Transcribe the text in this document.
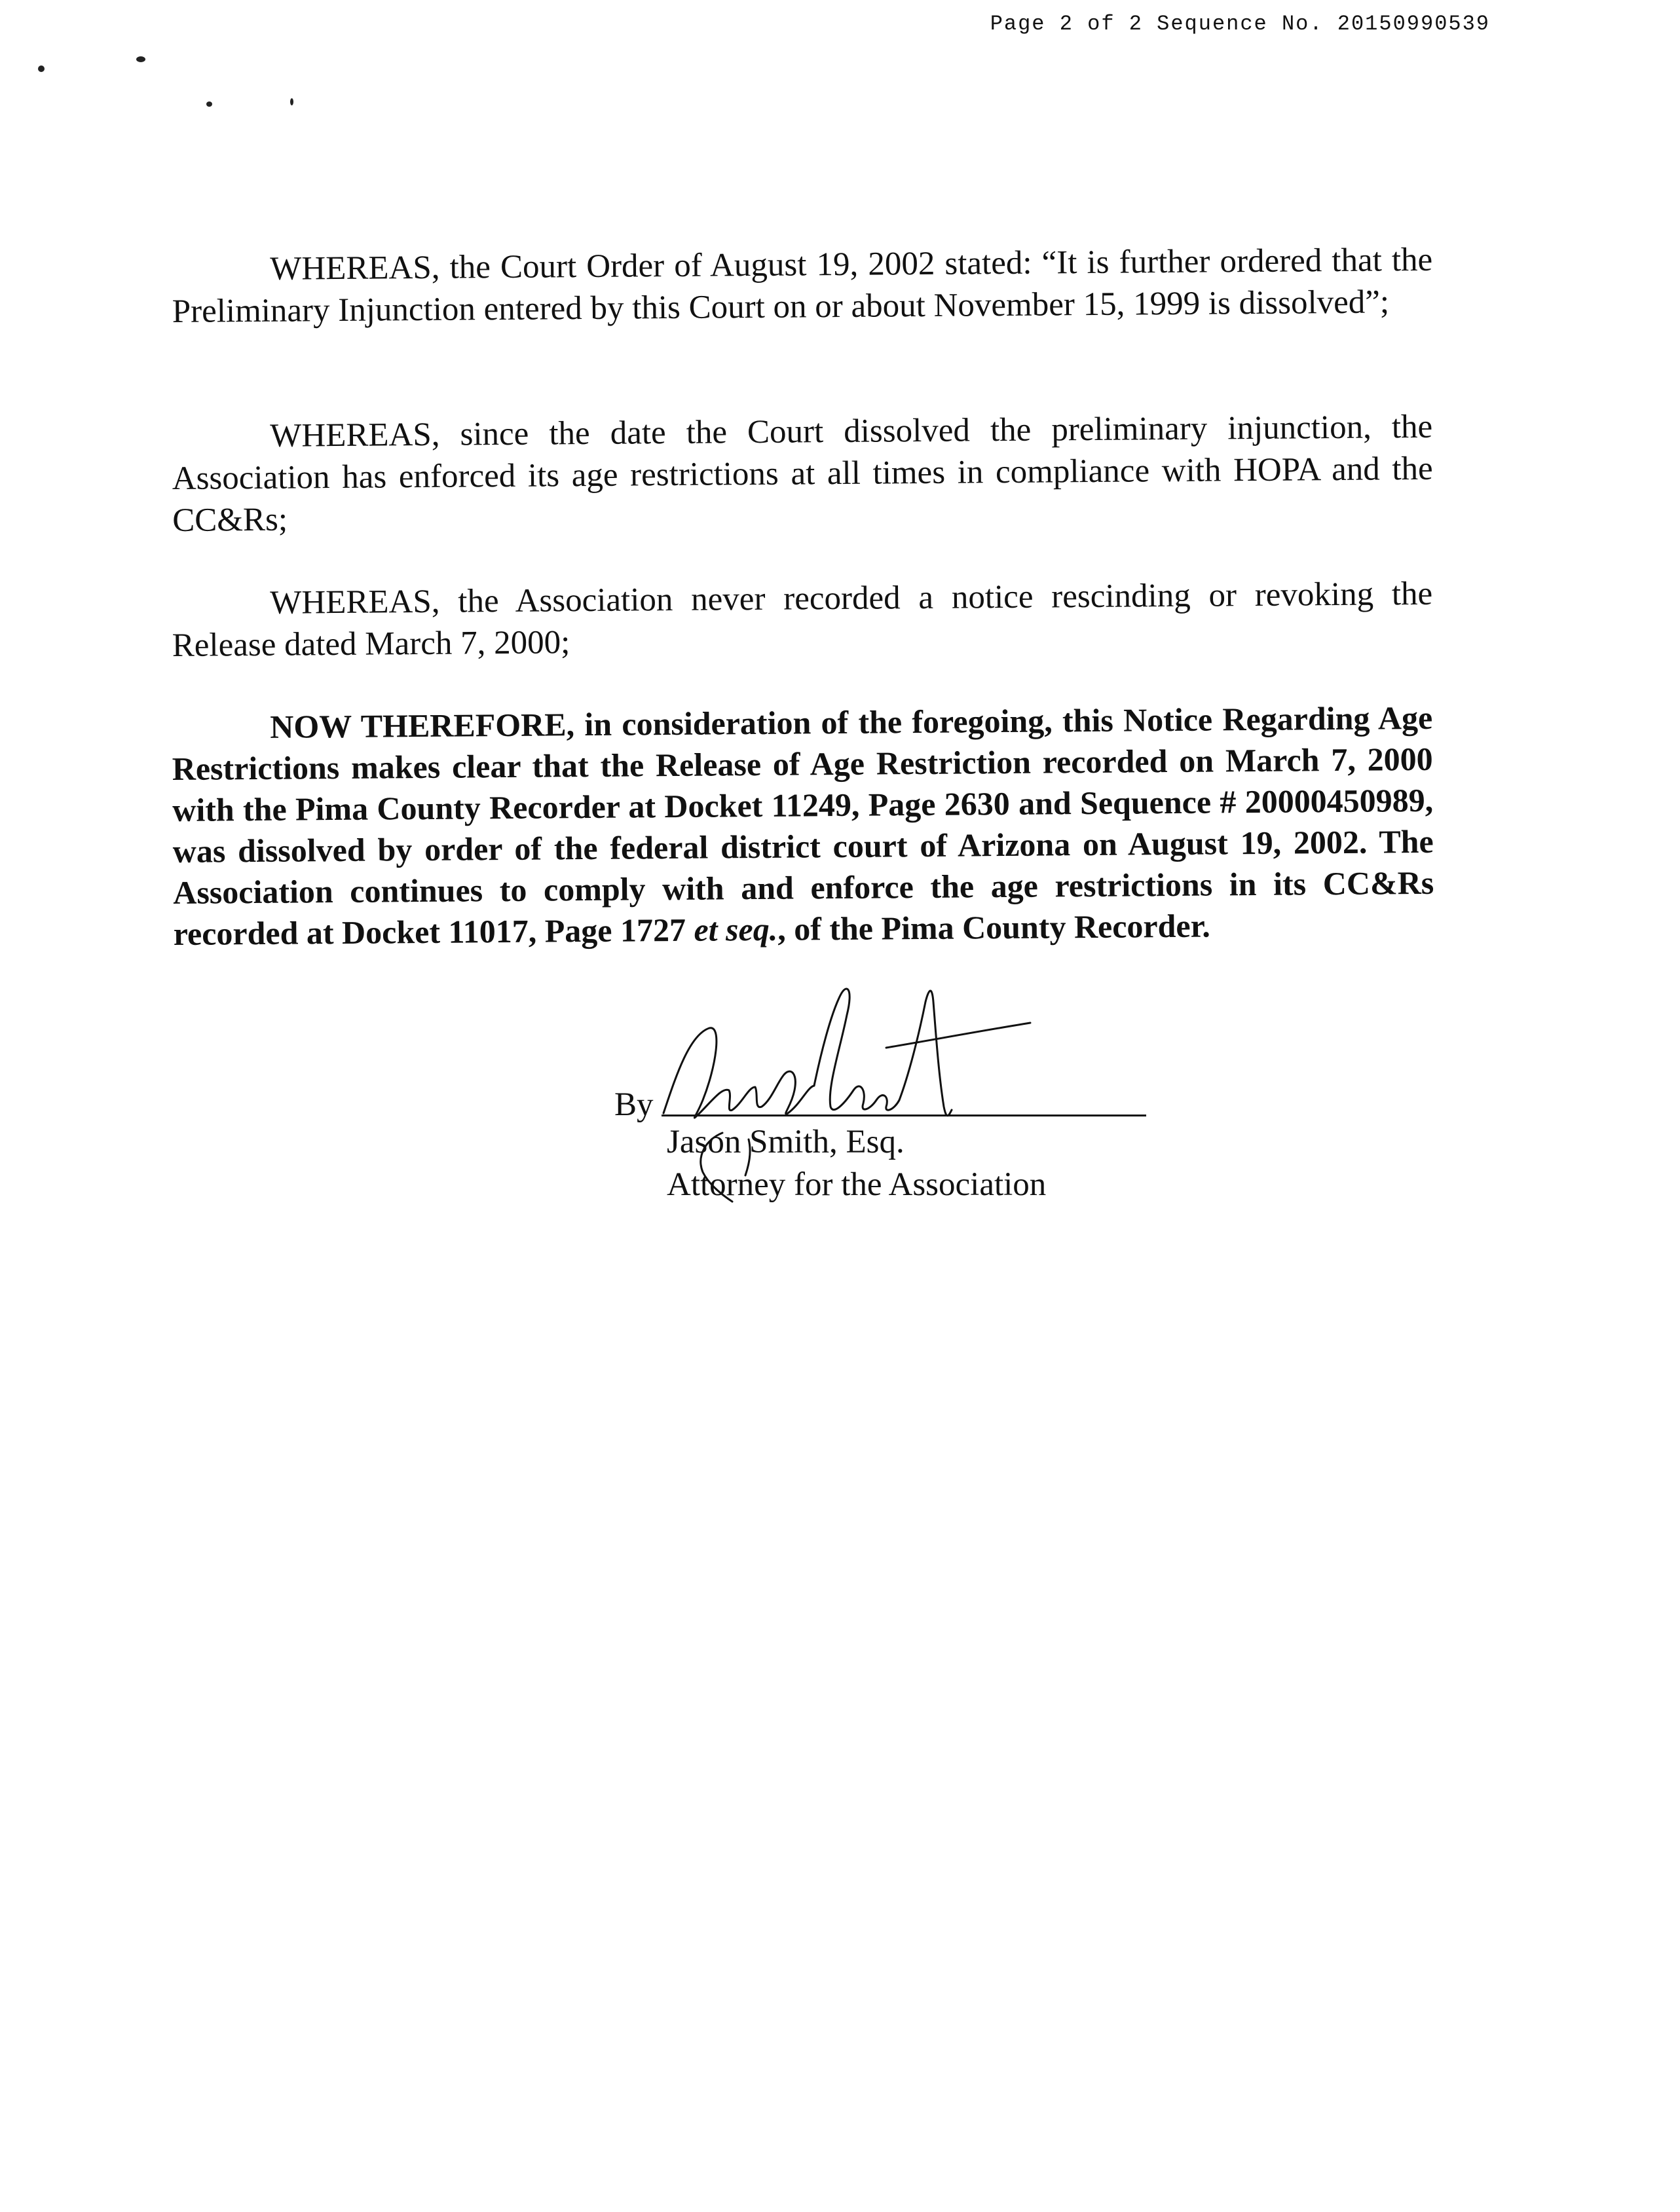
Page 2 of 2 Sequence No. 20150990539

WHEREAS, the Court Order of August 19, 2002 stated: “It is further ordered that the Preliminary Injunction entered by this Court on or about November 15, 1999 is dissolved”;

WHEREAS, since the date the Court dissolved the preliminary injunction, the Association has enforced its age restrictions at all times in compliance with HOPA and the CC&Rs;

WHEREAS, the Association never recorded a notice rescinding or revoking the Release dated March 7, 2000;

NOW THEREFORE, in consideration of the foregoing, this Notice Regarding Age Restrictions makes clear that the Release of Age Restriction recorded on March 7, 2000 with the Pima County Recorder at Docket 11249, Page 2630 and Sequence # 20000450989, was dissolved by order of the federal district court of Arizona on August 19, 2002. The Association continues to comply with and enforce the age restrictions in its CC&Rs recorded at Docket 11017, Page 1727 et seq., of the Pima County Recorder.

By
Jason Smith, Esq.
Attorney for the Association
